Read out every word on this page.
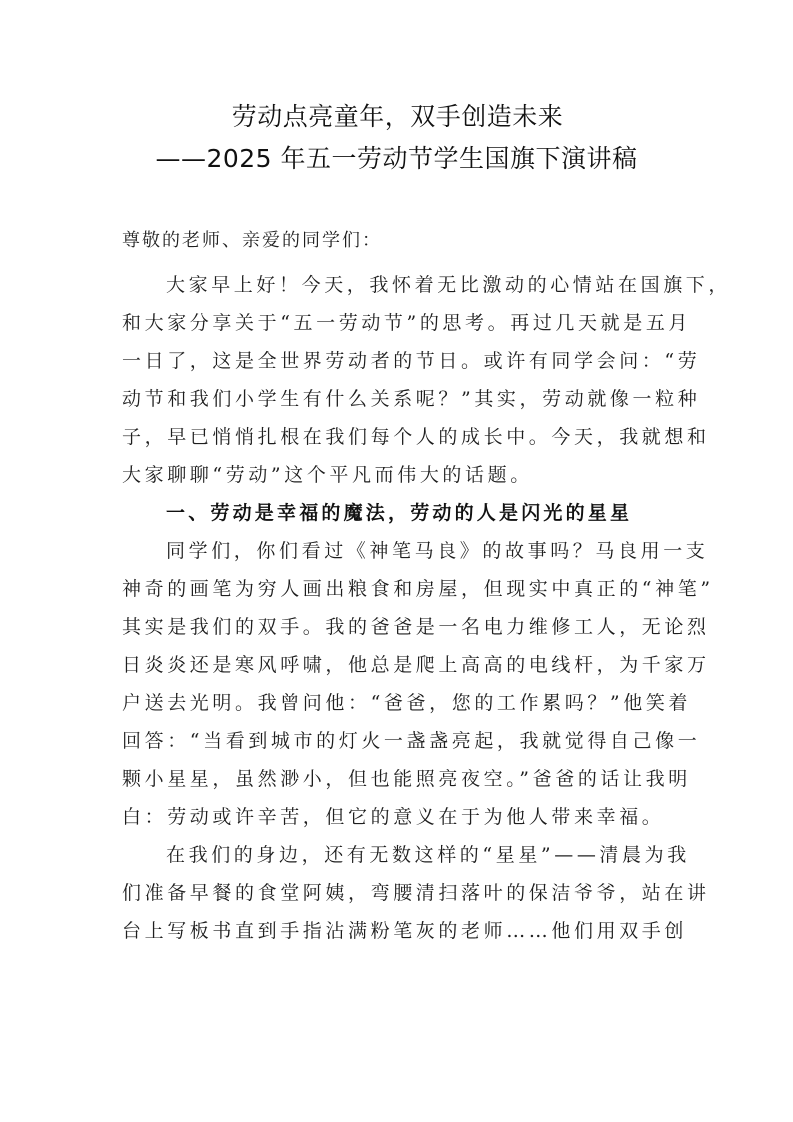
劳动点亮童年，双手创造未来
——2025 年五一劳动节学生国旗下演讲稿

尊敬的老师、亲爱的同学们：

大家早上好！今天，我怀着无比激动的心情站在国旗下，
和大家分享关于“五一劳动节”的思考。再过几天就是五月
一日了，这是全世界劳动者的节日。或许有同学会问：“劳
动节和我们小学生有什么关系呢？”其实，劳动就像一粒种
子，早已悄悄扎根在我们每个人的成长中。今天，我就想和
大家聊聊“劳动”这个平凡而伟大的话题。
一、劳动是幸福的魔法，劳动的人是闪光的星星
同学们，你们看过《神笔马良》的故事吗？马良用一支
神奇的画笔为穷人画出粮食和房屋，但现实中真正的“神笔”
其实是我们的双手。我的爸爸是一名电力维修工人，无论烈
日炎炎还是寒风呼啸，他总是爬上高高的电线杆，为千家万
户送去光明。我曾问他：“爸爸，您的工作累吗？”他笑着
回答：“当看到城市的灯火一盏盏亮起，我就觉得自己像一
颗小星星，虽然渺小，但也能照亮夜空。”爸爸的话让我明
白：劳动或许辛苦，但它的意义在于为他人带来幸福。
在我们的身边，还有无数这样的“星星”——清晨为我
们准备早餐的食堂阿姨，弯腰清扫落叶的保洁爷爷，站在讲
台上写板书直到手指沾满粉笔灰的老师……他们用双手创
